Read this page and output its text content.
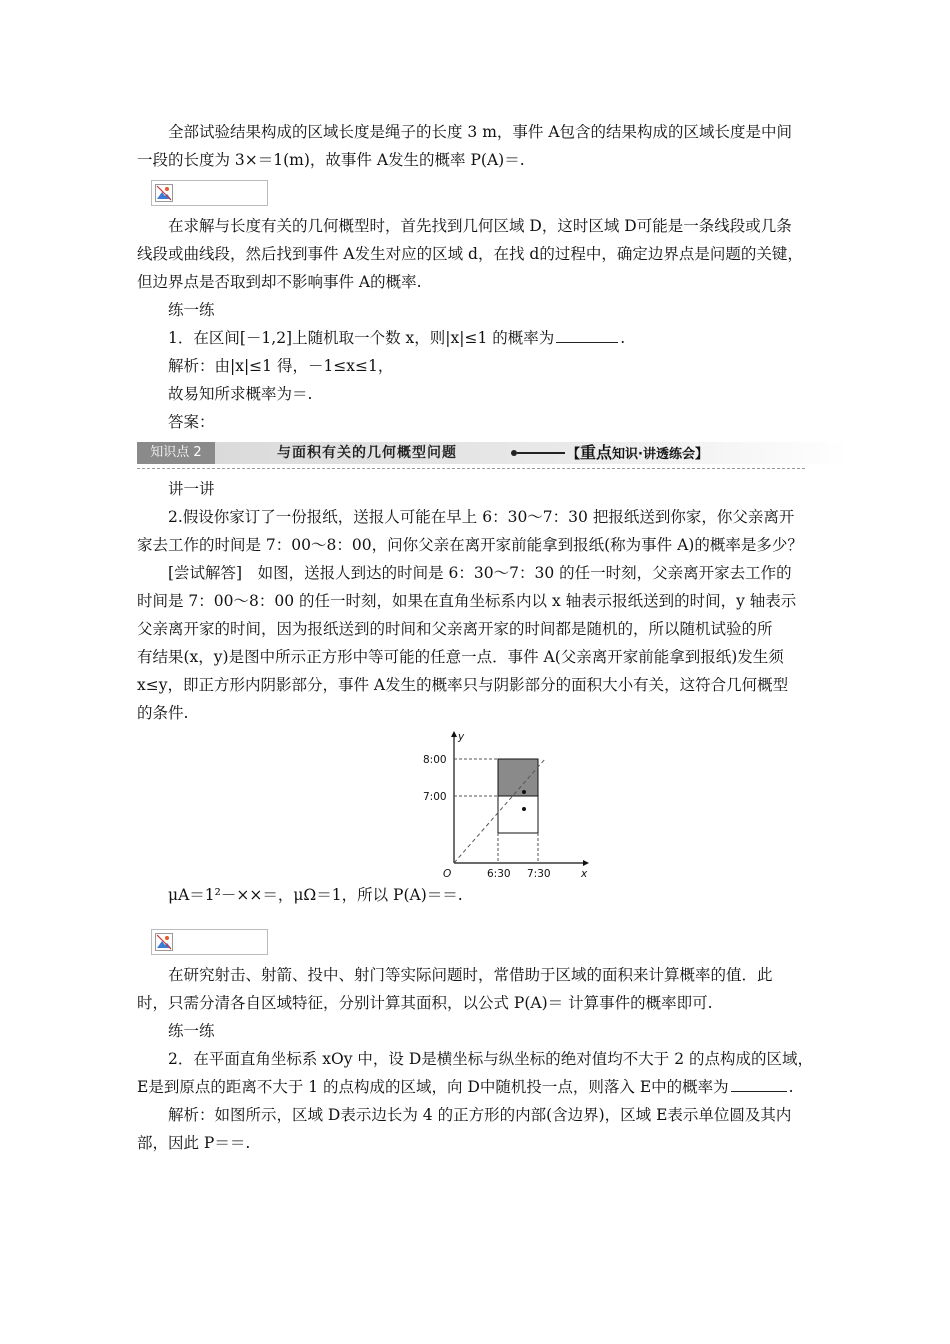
全部试验结果构成的区域长度是绳子的长度 3 m，事件 A包含的结果构成的区域长度是中间

一段的长度为 3×＝1(m)，故事件 A发生的概率 P(A)＝.

在求解与长度有关的几何概型时，首先找到几何区域 D，这时区域 D可能是一条线段或几条

线段或曲线段，然后找到事件 A发生对应的区域 d，在找 d的过程中，确定边界点是问题的关键，

但边界点是否取到却不影响事件 A的概率.

练一练

1．在区间[－1,2]上随机取一个数 x，则|x|≤1 的概率为	.

解析：由|x|≤1 得，－1≤x≤1，

故易知所求概率为＝.

答案：

知识点 2	与面积有关的几何概型问题	【重点知识·讲透练会】

讲一讲

2.假设你家订了一份报纸，送报人可能在早上 6：30～7：30 把报纸送到你家，你父亲离开

家去工作的时间是 7：00～8：00，问你父亲在离开家前能拿到报纸(称为事件 A)的概率是多少？

[尝试解答]　如图，送报人到达的时间是 6：30～7：30 的任一时刻，父亲离开家去工作的

时间是 7：00～8：00 的任一时刻，如果在直角坐标系内以 x 轴表示报纸送到的时间，y 轴表示

父亲离开家的时间，因为报纸送到的时间和父亲离开家的时间都是随机的，所以随机试验的所

有结果(x，y)是图中所示正方形中等可能的任意一点．事件 A(父亲离开家前能拿到报纸)发生须

x≤y，即正方形内阴影部分，事件 A发生的概率只与阴影部分的面积大小有关，这符合几何概型

的条件.

y
x
O
8:00
7:00
6:30 7:30

μA＝1²－××＝，μΩ＝1，所以 P(A)＝＝.

在研究射击、射箭、投中、射门等实际问题时，常借助于区域的面积来计算概率的值．此

时，只需分清各自区域特征，分别计算其面积，以公式 P(A)＝ 计算事件的概率即可.

练一练

2．在平面直角坐标系 xOy 中，设 D是横坐标与纵坐标的绝对值均不大于 2 的点构成的区域，

E是到原点的距离不大于 1 的点构成的区域，向 D中随机投一点，则落入 E中的概率为	.

解析：如图所示，区域 D表示边长为 4 的正方形的内部(含边界)，区域 E表示单位圆及其内

部，因此 P＝＝.
